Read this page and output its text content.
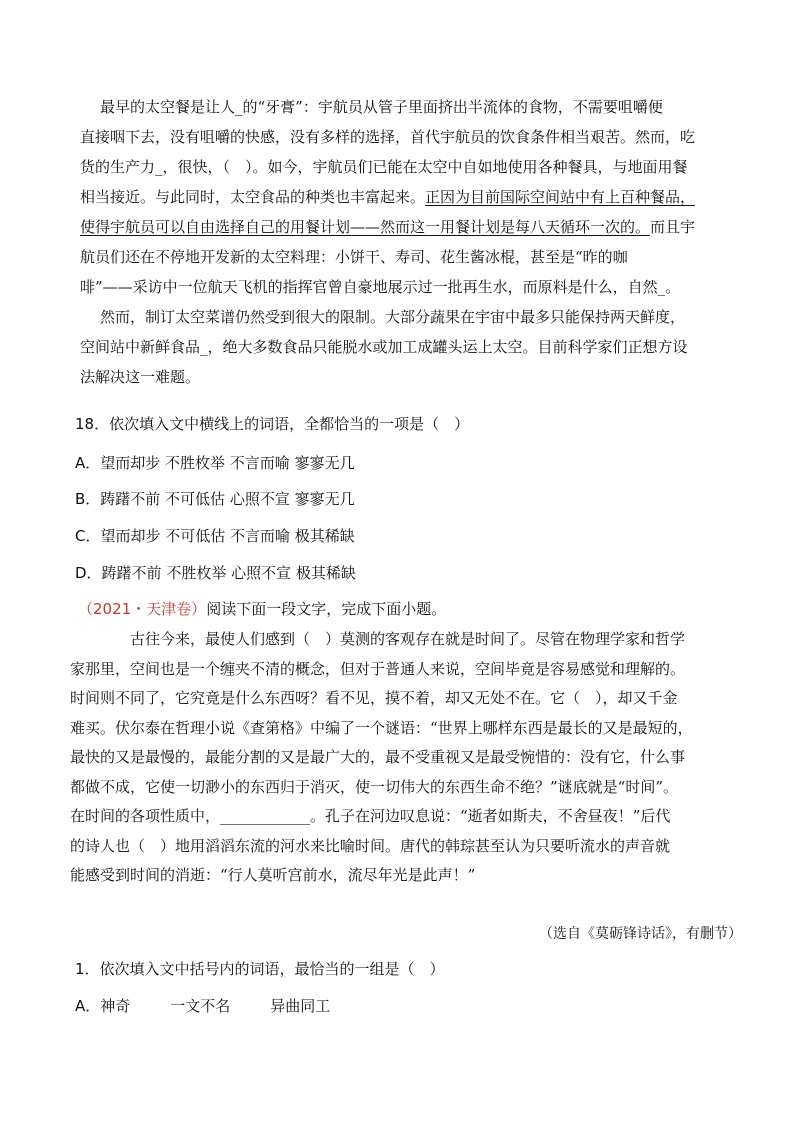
最早的太空餐是让人_的“牙膏”：宇航员从管子里面挤出半流体的食物，不需要咀嚼便
直接咽下去，没有咀嚼的快感，没有多样的选择，首代宇航员的饮食条件相当艰苦。然而，吃
货的生产力_，很快，（　）。如今，宇航员们已能在太空中自如地使用各种餐具，与地面用餐
相当接近。与此同时，太空食品的种类也丰富起来。正因为目前国际空间站中有上百种餐品，
使得宇航员可以自由选择自己的用餐计划——然而这一用餐计划是每八天循环一次的。而且宇
航员们还在不停地开发新的太空料理：小饼干、寿司、花生酱冰棍，甚至是“昨的咖
啡”——采访中一位航天飞机的指挥官曾自豪地展示过一批再生水，而原料是什么，自然_。
然而，制订太空菜谱仍然受到很大的限制。大部分蔬果在宇宙中最多只能保持两天鲜度，
空间站中新鲜食品_，绝大多数食品只能脱水或加工成罐头运上太空。目前科学家们正想方设
法解决这一难题。
18．依次填入文中横线上的词语，全都恰当的一项是（　）
A．望而却步 不胜枚举 不言而喻 寥寥无几
B．踌躇不前 不可低估 心照不宣 寥寥无几
C．望而却步 不可低估 不言而喻 极其稀缺
D．踌躇不前 不胜枚举 心照不宣 极其稀缺
（2021・天津卷）阅读下面一段文字，完成下面小题。
古往今来，最使人们感到（　）莫测的客观存在就是时间了。尽管在物理学家和哲学
家那里，空间也是一个缠夹不清的概念，但对于普通人来说，空间毕竟是容易感觉和理解的。
时间则不同了，它究竟是什么东西呀？看不见，摸不着，却又无处不在。它（　），却又千金
难买。伏尔泰在哲理小说《查第格》中编了一个谜语：“世界上哪样东西是最长的又是最短的，
最快的又是最慢的，最能分割的又是最广大的，最不受重视又是最受惋惜的：没有它，什么事
都做不成，它使一切渺小的东西归于消灭，使一切伟大的东西生命不绝？”谜底就是“时间”。
在时间的各项性质中，____________。孔子在河边叹息说：“逝者如斯夫，不舍昼夜！”后代
的诗人也（　）地用滔滔东流的河水来比喻时间。唐代的韩琮甚至认为只要听流水的声音就
能感受到时间的消逝：“行人莫听宫前水，流尽年光是此声！”
（选自《莫砺锋诗话》，有删节）
1．依次填入文中括号内的词语，最恰当的一组是（　）
A．神奇	一文不名	异曲同工
